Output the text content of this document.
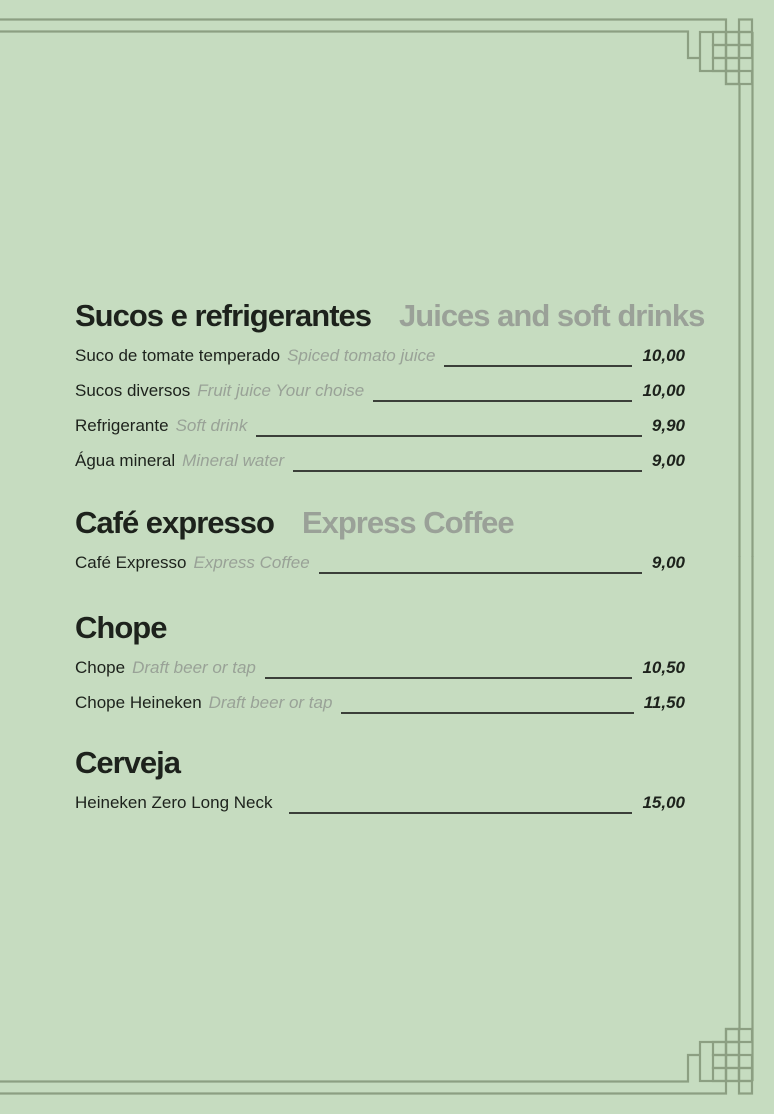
Sucos e refrigerantes Juices and soft drinks
Suco de tomate temperado Spiced tomato juice	10,00
Sucos diversos Fruit juice Your choise	10,00
Refrigerante Soft drink	9,90
Água mineral Mineral water	9,00
Café expresso Express Coffee
Café Expresso Express Coffee	9,00
Chope
Chope Draft beer or tap	10,50
Chope Heineken Draft beer or tap	11,50
Cerveja
Heineken Zero Long Neck	15,00
